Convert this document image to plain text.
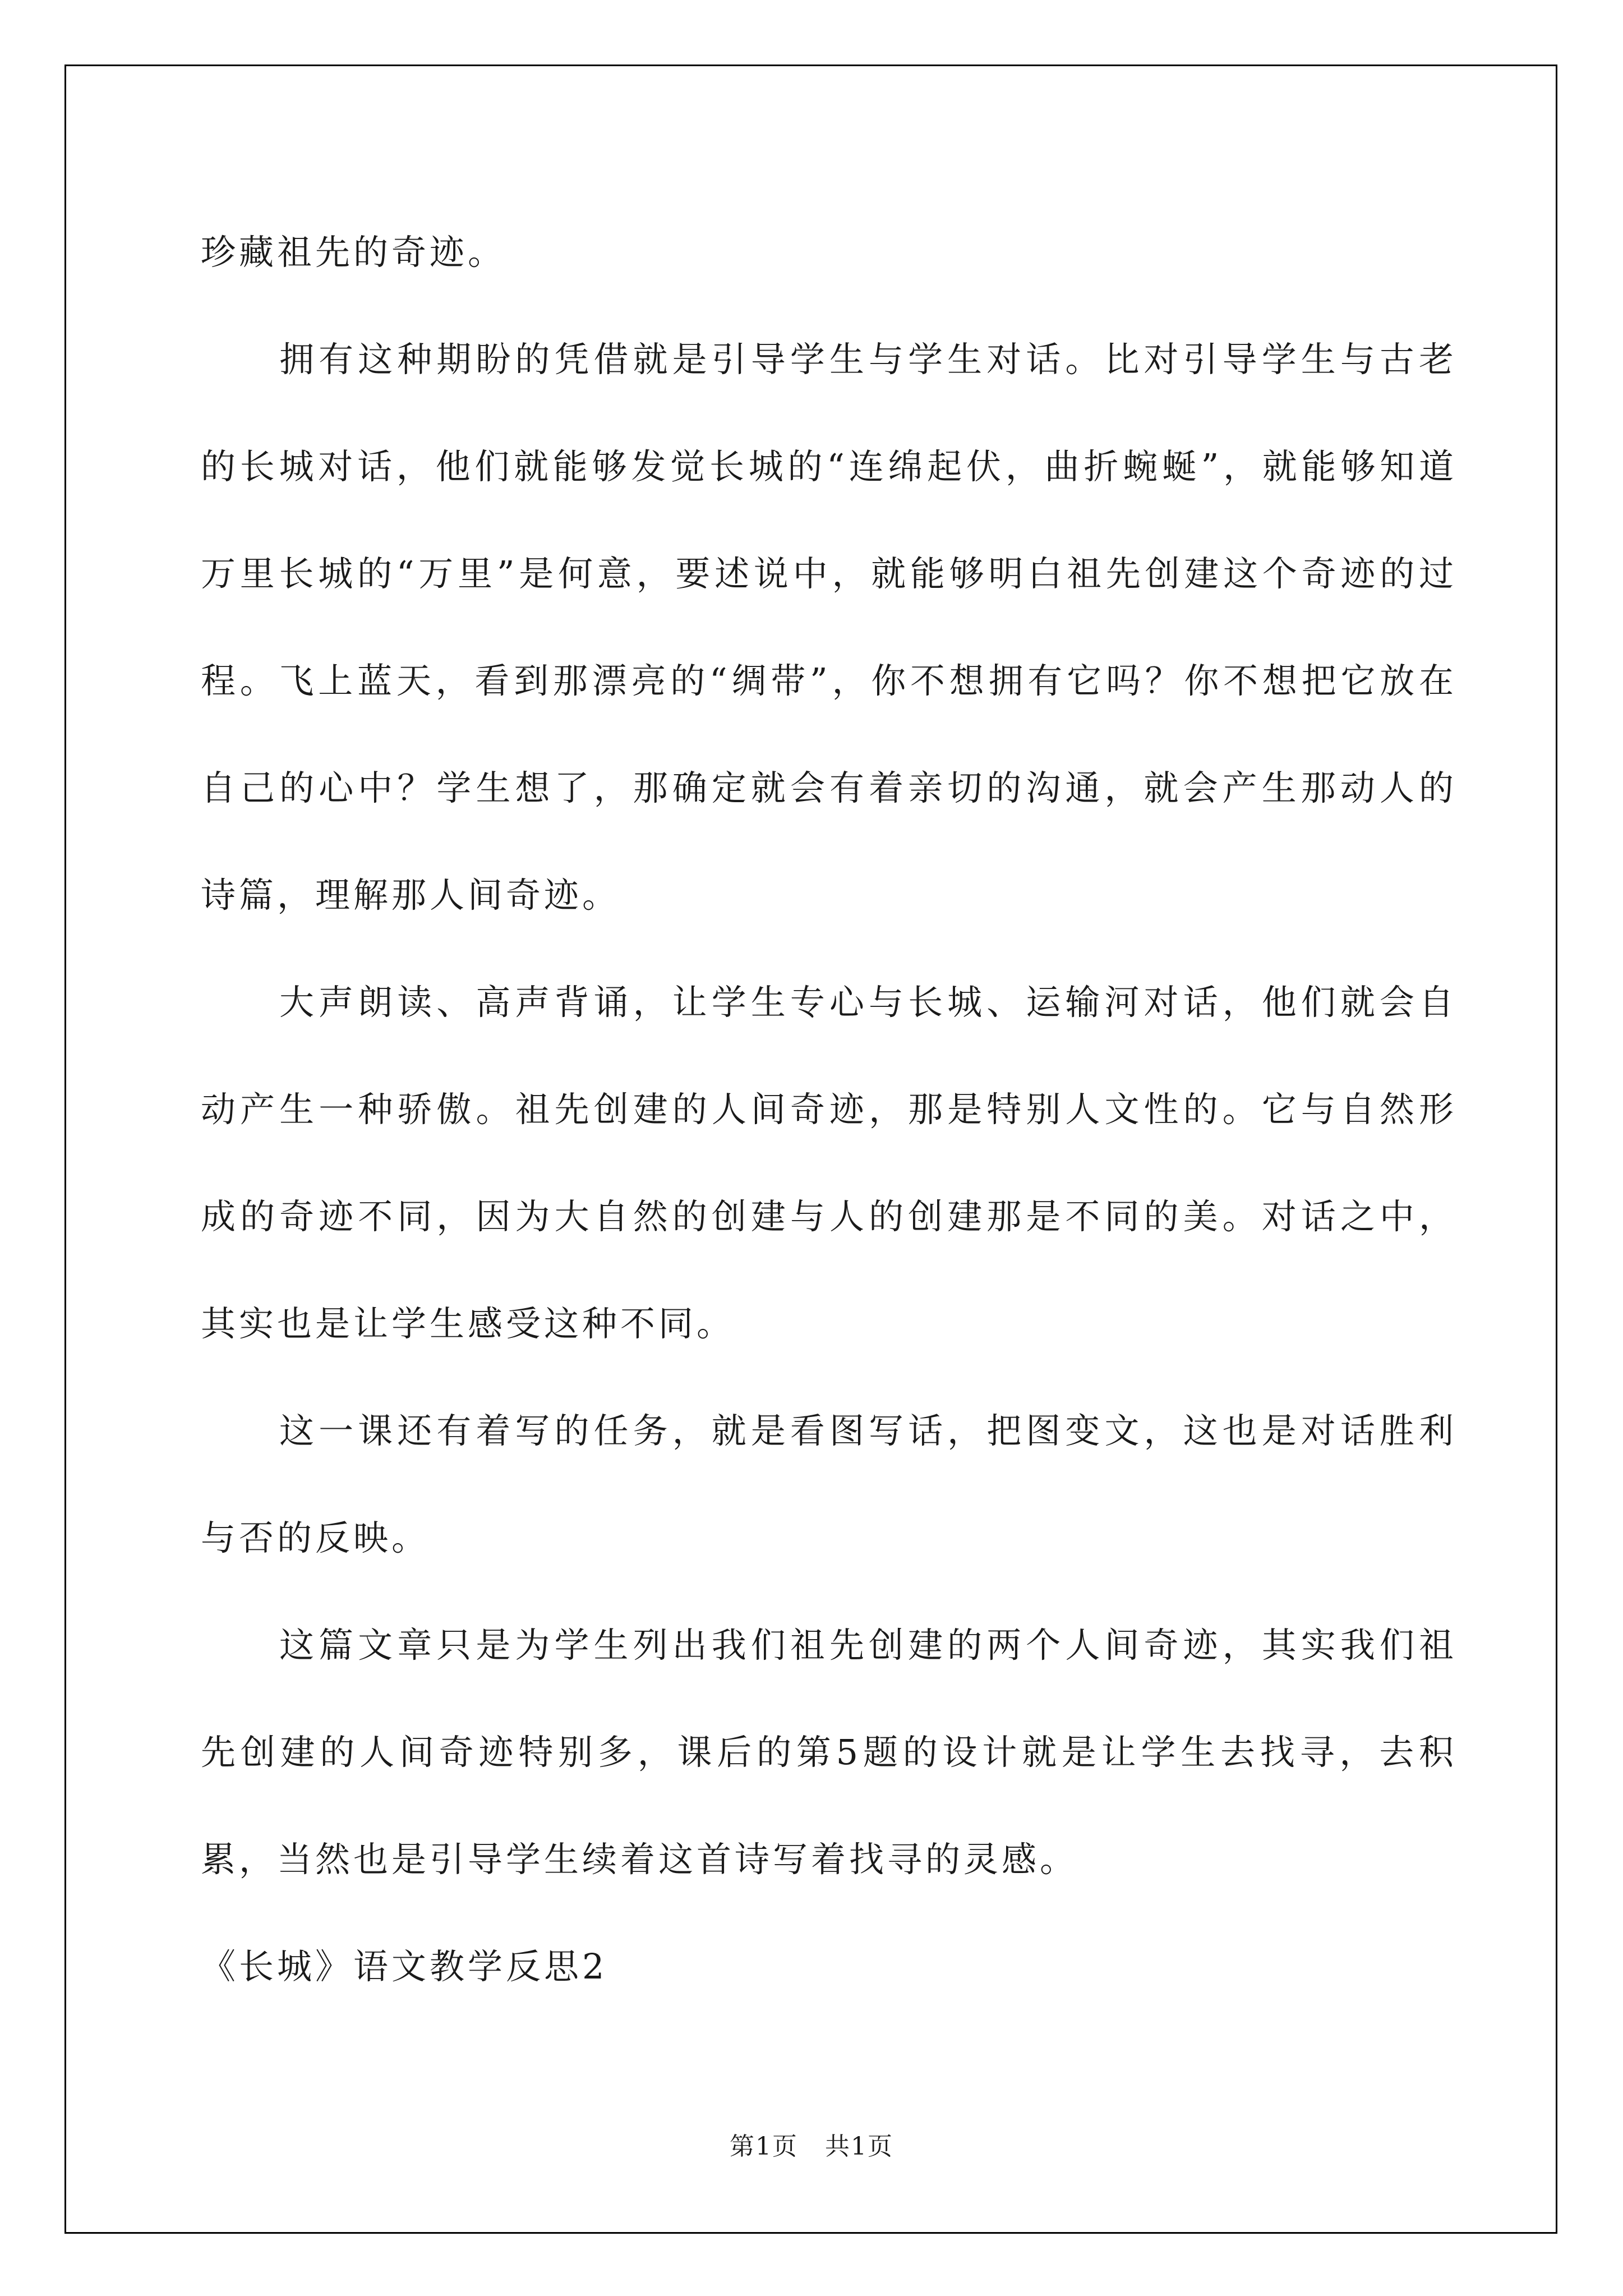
珍藏祖先的奇迹。

拥有这种期盼的凭借就是引导学生与学生对话。比对引导学生与古老的长城对话，他们就能够发觉长城的“连绵起伏，曲折蜿蜒”，就能够知道万里长城的“万里”是何意，要述说中，就能够明白祖先创建这个奇迹的过程。飞上蓝天，看到那漂亮的“绸带”，你不想拥有它吗？你不想把它放在自己的心中？学生想了，那确定就会有着亲切的沟通，就会产生那动人的诗篇，理解那人间奇迹。

大声朗读、高声背诵，让学生专心与长城、运输河对话，他们就会自动产生一种骄傲。祖先创建的人间奇迹，那是特别人文性的。它与自然形成的奇迹不同，因为大自然的创建与人的创建那是不同的美。对话之中，其实也是让学生感受这种不同。

这一课还有着写的任务，就是看图写话，把图变文，这也是对话胜利与否的反映。

这篇文章只是为学生列出我们祖先创建的两个人间奇迹，其实我们祖先创建的人间奇迹特别多，课后的第5题的设计就是让学生去找寻，去积累，当然也是引导学生续着这首诗写着找寻的灵感。

《长城》语文教学反思2

第1页 共1页
